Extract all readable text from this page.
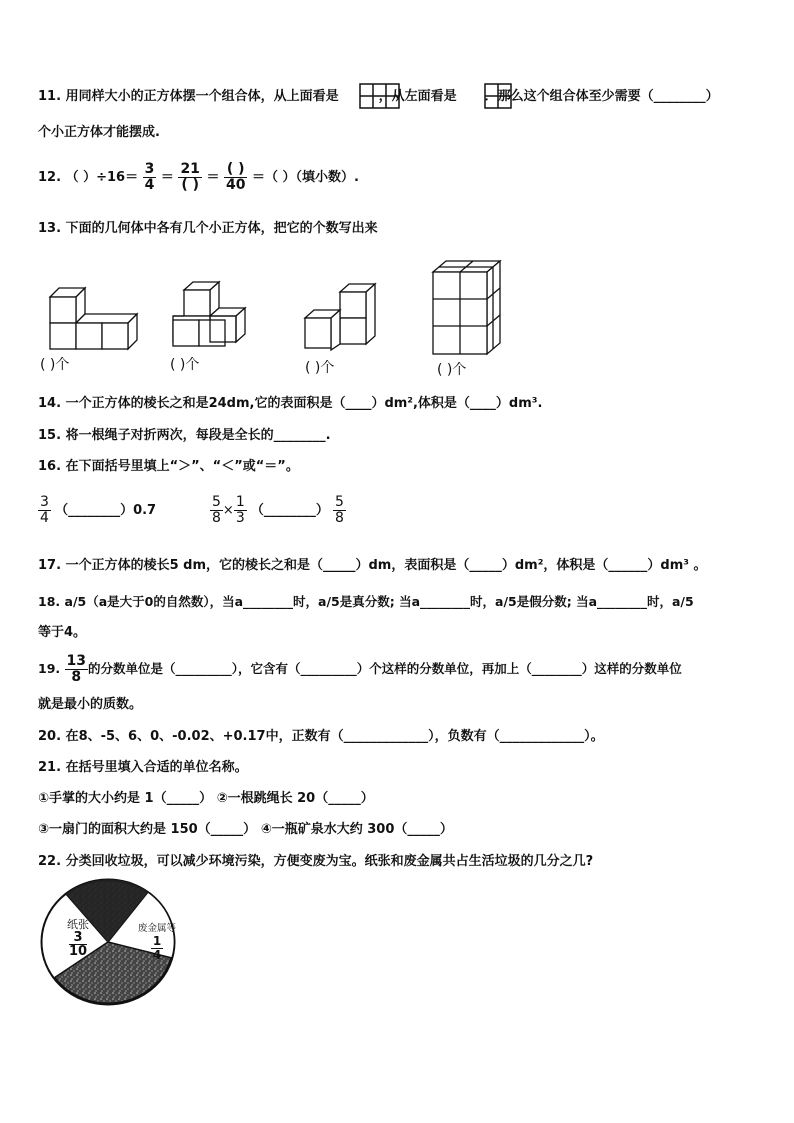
11. 用同样大小的正方体摆一个组合体，从上面看是	，从左面看是 ．那么这个组合体至少需要（________）
个小正方体才能摆成.
12. （ ）$\div 16= \frac{3}{4}$ ＝
21
( ) ＝
( )
40 ＝（ ）（填小数）.
13. 下面的几何体中各有几个小正方体，把它的个数写出来
( )个	( )个	( )个	( )个
14. 一个正方体的棱长之和是24dm,它的表面积是（____）dm²,体积是（____）dm³.
15. 将一根绳子对折两次，每段是全长的________.
16. 在下面括号里填上“＞”、“＜”或“＝”。
$\frac{3}{4}$ （________）0.7	$\frac{5}{8} \times \frac{1}{3}$ （________） $\frac{5}{8}$
17. 一个正方体的棱长5 dm，它的棱长之和是（_____）dm，表面积是（_____）dm²，体积是（______）dm³ 。
18. a/5（a是大于0的自然数），当a________时，a/5是真分数; 当a________时，a/5是假分数; 当a________时，a/5
等于4。
19. $\frac{13}{8}$ 的分数单位是（_________），它含有（_________）个这样的分数单位，再加上（________）这样的分数单位
就是最小的质数。
20. 在8、-5、6、0、-0.02、+0.17中，正数有（_____________），负数有（_____________）。
21. 在括号里填入合适的单位名称。
①手掌的大小约是 1（_____） ②一根跳绳长 20（_____）
③一扇门的面积大约是 150（_____） ④一瓶矿泉水大约 300（_____）
22. 分类回收垃圾，可以减少环境污染，方便变废为宝。纸张和废金属共占生活垃圾的几分之几?
纸张
$\frac{3}{10}$
废金属等
$\frac{1}{4}$
